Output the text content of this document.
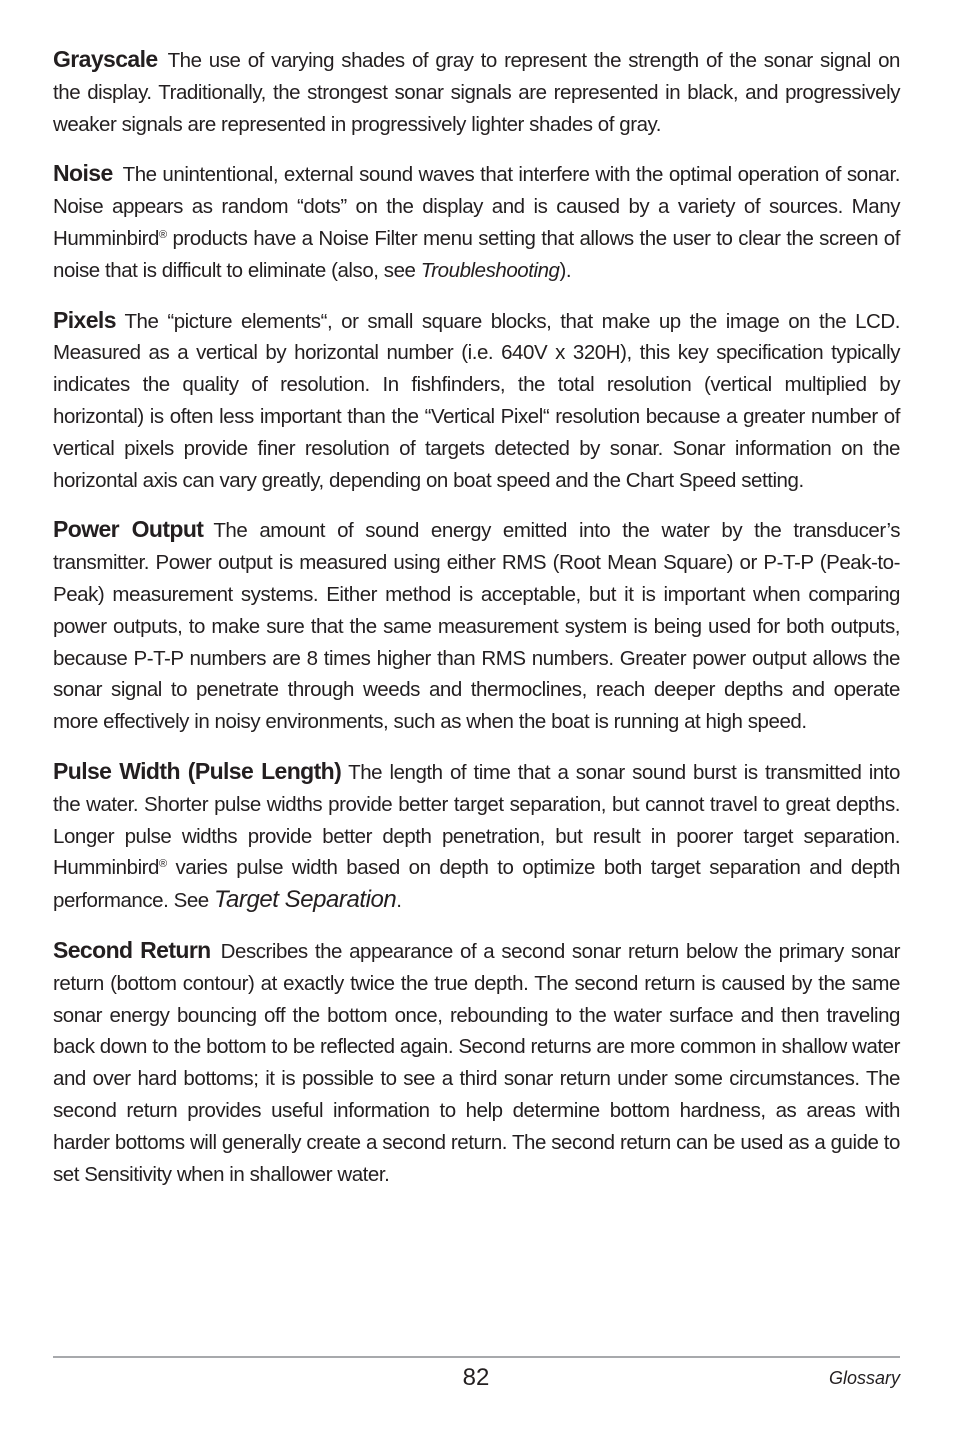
Grayscale The use of varying shades of gray to represent the strength of the sonar signal on the display. Traditionally, the strongest sonar signals are represented in black, and progressively weaker signals are represented in progressively lighter shades of gray.

Noise The unintentional, external sound waves that interfere with the optimal operation of sonar. Noise appears as random “dots” on the display and is caused by a variety of sources. Many Humminbird® products have a Noise Filter menu setting that allows the user to clear the screen of noise that is difficult to eliminate (also, see Troubleshooting).

Pixels The “picture elements“, or small square blocks, that make up the image on the LCD. Measured as a vertical by horizontal number (i.e. 640V x 320H), this key specification typically indicates the quality of resolution. In fishfinders, the total resolution (vertical multiplied by horizontal) is often less important than the “Vertical Pixel“ resolution because a greater number of vertical pixels provide finer resolution of targets detected by sonar. Sonar information on the horizontal axis can vary greatly, depending on boat speed and the Chart Speed setting.

Power Output The amount of sound energy emitted into the water by the transducer’s transmitter. Power output is measured using either RMS (Root Mean Square) or P-T-P (Peak-to-Peak) measurement systems. Either method is acceptable, but it is important when comparing power outputs, to make sure that the same measurement system is being used for both outputs, because P-T-P numbers are 8 times higher than RMS numbers. Greater power output allows the sonar signal to penetrate through weeds and thermoclines, reach deeper depths and operate more effectively in noisy environments, such as when the boat is running at high speed.

Pulse Width (Pulse Length) The length of time that a sonar sound burst is transmitted into the water. Shorter pulse widths provide better target separation, but cannot travel to great depths. Longer pulse widths provide better depth penetration, but result in poorer target separation. Humminbird® varies pulse width based on depth to optimize both target separation and depth performance. See Target Separation.

Second Return Describes the appearance of a second sonar return below the primary sonar return (bottom contour) at exactly twice the true depth. The second return is caused by the same sonar energy bouncing off the bottom once, rebounding to the water surface and then traveling back down to the bottom to be reflected again. Second returns are more common in shallow water and over hard bottoms; it is possible to see a third sonar return under some circumstances. The second return provides useful information to help determine bottom hardness, as areas with harder bottoms will generally create a second return. The second return can be used as a guide to set Sensitivity when in shallower water.

82	Glossary
